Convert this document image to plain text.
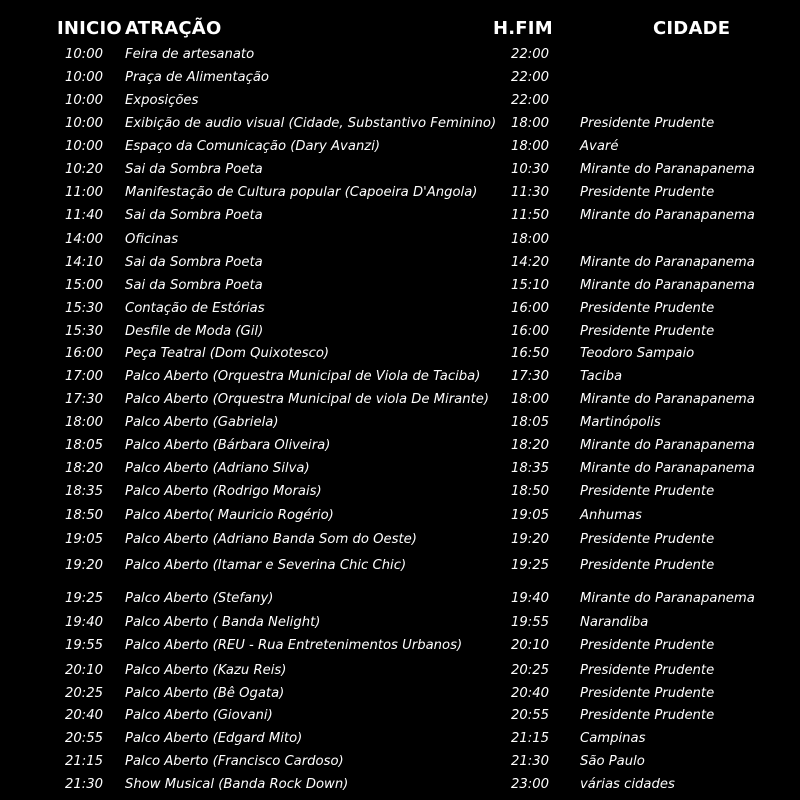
INICIO ATRAÇÃO	H.FIM	CIDADE
10:00 Feira de artesanato	22:00
10:00 Praça de Alimentação	22:00
10:00 Exposições	22:00
10:00 Exibição de audio visual (Cidade, Substantivo Feminino)	18:00 Presidente Prudente
10:00 Espaço da Comunicação (Dary Avanzi)	18:00 Avaré
10:20 Sai da Sombra Poeta	10:30 Mirante do Paranapanema
11:00 Manifestação de Cultura popular (Capoeira D'Angola)	11:30 Presidente Prudente
11:40 Sai da Sombra Poeta	11:50 Mirante do Paranapanema
14:00 Oficinas	18:00
14:10 Sai da Sombra Poeta	14:20 Mirante do Paranapanema
15:00 Sai da Sombra Poeta	15:10 Mirante do Paranapanema
15:30 Contação de Estórias	16:00 Presidente Prudente
15:30 Desfile de Moda (Gil)	16:00 Presidente Prudente
16:00 Peça Teatral (Dom Quixotesco)	16:50 Teodoro Sampaio
17:00 Palco Aberto (Orquestra Municipal de Viola de Taciba)	17:30 Taciba
17:30 Palco Aberto (Orquestra Municipal de viola De Mirante)	18:00 Mirante do Paranapanema
18:00 Palco Aberto (Gabriela)	18:05 Martinópolis
18:05 Palco Aberto (Bárbara Oliveira)	18:20 Mirante do Paranapanema
18:20 Palco Aberto (Adriano Silva)	18:35 Mirante do Paranapanema
18:35 Palco Aberto (Rodrigo Morais)	18:50 Presidente Prudente
18:50 Palco Aberto( Mauricio Rogério)	19:05 Anhumas
19:05 Palco Aberto (Adriano Banda Som do Oeste)	19:20 Presidente Prudente
19:20 Palco Aberto (Itamar e Severina Chic Chic)	19:25 Presidente Prudente
19:25 Palco Aberto (Stefany)	19:40 Mirante do Paranapanema
19:40 Palco Aberto ( Banda Nelight)	19:55 Narandiba
19:55 Palco Aberto (REU - Rua Entretenimentos Urbanos)	20:10 Presidente Prudente
20:10 Palco Aberto (Kazu Reis)	20:25 Presidente Prudente
20:25 Palco Aberto (Bê Ogata)	20:40 Presidente Prudente
20:40 Palco Aberto (Giovani)	20:55 Presidente Prudente
20:55 Palco Aberto (Edgard Mito)	21:15 Campinas
21:15 Palco Aberto (Francisco Cardoso)	21:30 São Paulo
21:30 Show Musical (Banda Rock Down)	23:00 várias cidades
